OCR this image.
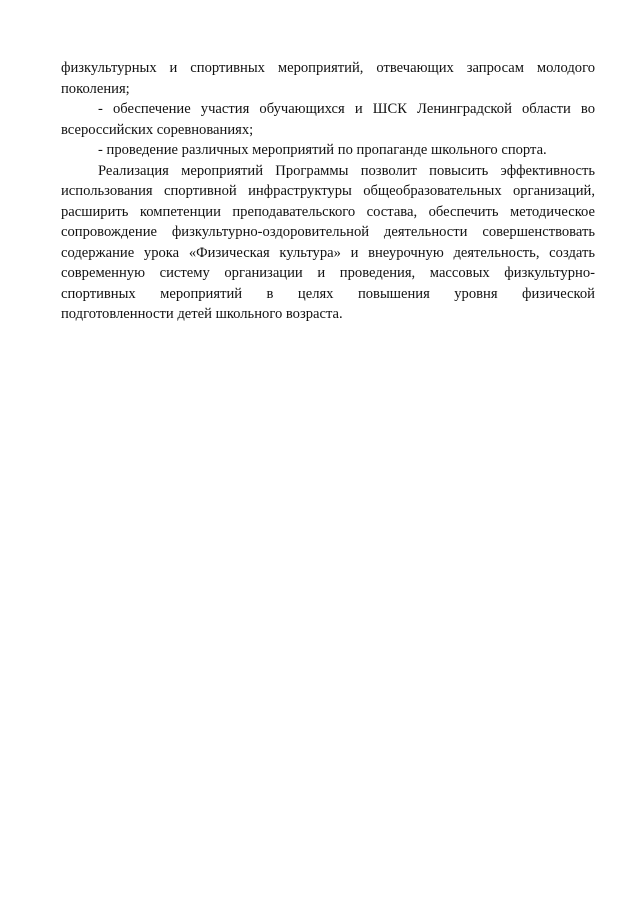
физкультурных и спортивных мероприятий, отвечающих запросам молодого
поколения;
- обеспечение участия обучающихся и ШСК Ленинградской области во
всероссийских соревнованиях;
- проведение различных мероприятий по пропаганде школьного спорта.
Реализация мероприятий Программы позволит повысить эффективность
использования спортивной инфраструктуры общеобразовательных организаций,
расширить компетенции преподавательского состава, обеспечить методическое
сопровождение физкультурно-оздоровительной деятельности совершенствовать
содержание урока «Физическая культура» и внеурочную деятельность, создать
современную систему организации и проведения, массовых физкультурно-
спортивных мероприятий в целях повышения уровня физической
подготовленности детей школьного возраста.
